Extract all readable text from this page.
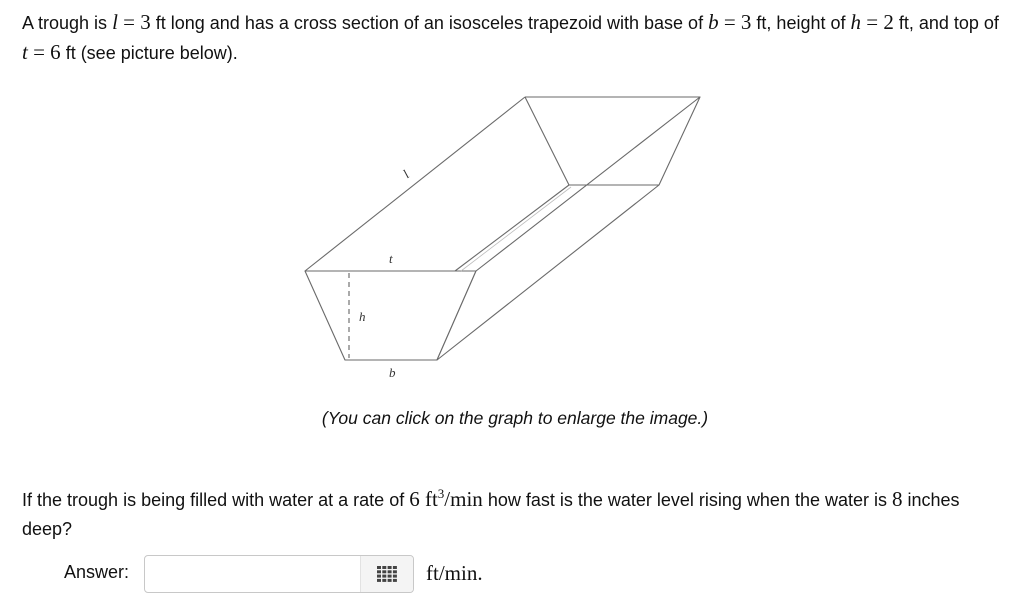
A trough is l = 3 ft long and has a cross section of an isosceles trapezoid with base of b = 3 ft, height of h = 2 ft, and top of t = 6 ft (see picture below).
l
t
h
b
(You can click on the graph to enlarge the image.)
If the trough is being filled with water at a rate of 6 $ft^3/\min$ how fast is the water level rising when the water is 8 inches deep?
Answer:	ft/min.
